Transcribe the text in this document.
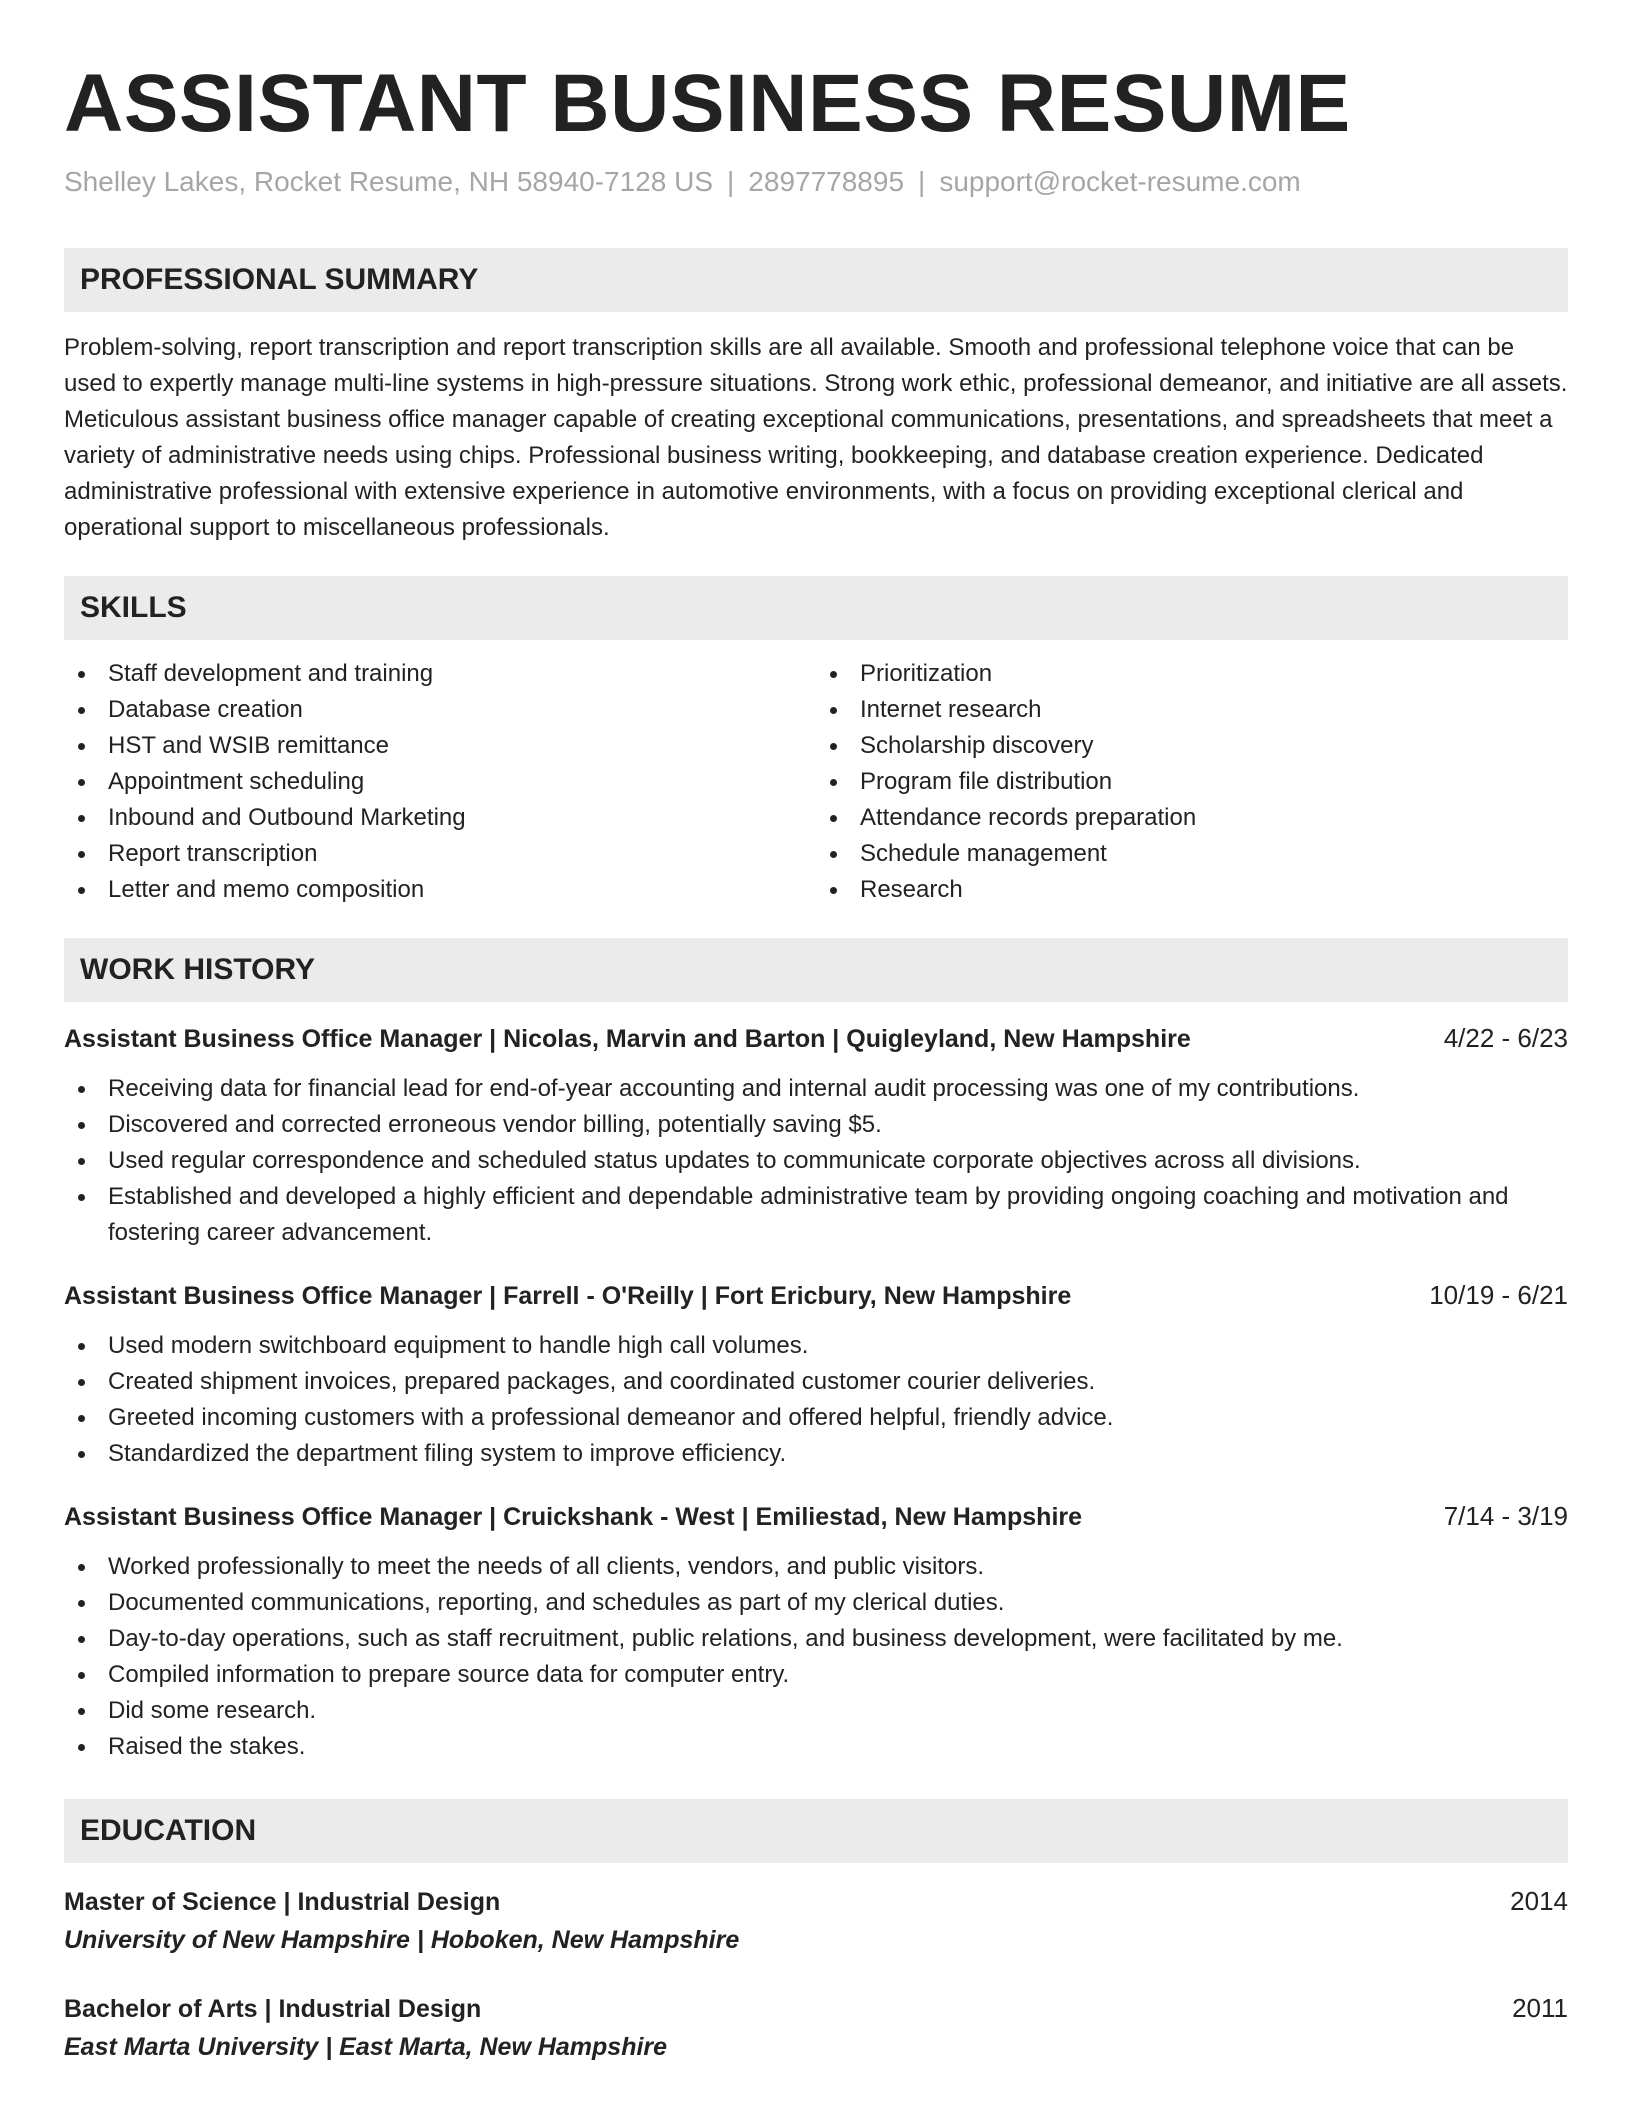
ASSISTANT BUSINESS RESUME
Shelley Lakes, Rocket Resume, NH 58940-7128 US | 2897778895 | support@rocket-resume.com
PROFESSIONAL SUMMARY

Problem-solving, report transcription and report transcription skills are all available. Smooth and professional telephone voice that can be used to expertly manage multi-line systems in high-pressure situations. Strong work ethic, professional demeanor, and initiative are all assets. Meticulous assistant business office manager capable of creating exceptional communications, presentations, and spreadsheets that meet a variety of administrative needs using chips. Professional business writing, bookkeeping, and database creation experience. Dedicated administrative professional with extensive experience in automotive environments, with a focus on providing exceptional clerical and operational support to miscellaneous professionals.

SKILLS
Staff development and training
Database creation
HST and WSIB remittance
Appointment scheduling
Inbound and Outbound Marketing
Report transcription
Letter and memo composition
Prioritization
Internet research
Scholarship discovery
Program file distribution
Attendance records preparation
Schedule management
Research
WORK HISTORY
Assistant Business Office Manager | Nicolas, Marvin and Barton | Quigleyland, New Hampshire	4/22 - 6/23
Receiving data for financial lead for end-of-year accounting and internal audit processing was one of my contributions.
Discovered and corrected erroneous vendor billing, potentially saving $5.
Used regular correspondence and scheduled status updates to communicate corporate objectives across all divisions.
Established and developed a highly efficient and dependable administrative team by providing ongoing coaching and motivation and fostering career advancement.
Assistant Business Office Manager | Farrell - O'Reilly | Fort Ericbury, New Hampshire	10/19 - 6/21
Used modern switchboard equipment to handle high call volumes.
Created shipment invoices, prepared packages, and coordinated customer courier deliveries.
Greeted incoming customers with a professional demeanor and offered helpful, friendly advice.
Standardized the department filing system to improve efficiency.
Assistant Business Office Manager | Cruickshank - West | Emiliestad, New Hampshire	7/14 - 3/19
Worked professionally to meet the needs of all clients, vendors, and public visitors.
Documented communications, reporting, and schedules as part of my clerical duties.
Day-to-day operations, such as staff recruitment, public relations, and business development, were facilitated by me.
Compiled information to prepare source data for computer entry.
Did some research.
Raised the stakes.
EDUCATION
Master of Science | Industrial Design	2014
University of New Hampshire | Hoboken, New Hampshire
Bachelor of Arts | Industrial Design	2011
East Marta University | East Marta, New Hampshire
